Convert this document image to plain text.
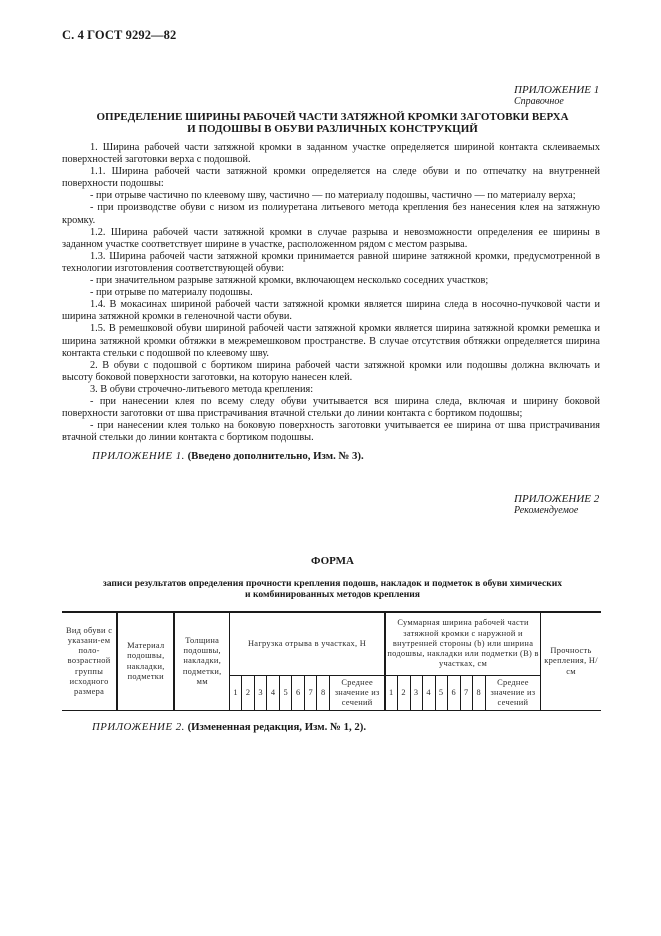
С. 4 ГОСТ 9292—82
ПРИЛОЖЕНИЕ 1
Справочное
ОПРЕДЕЛЕНИЕ ШИРИНЫ РАБОЧЕЙ ЧАСТИ ЗАТЯЖНОЙ КРОМКИ ЗАГОТОВКИ ВЕРХА
И ПОДОШВЫ В ОБУВИ РАЗЛИЧНЫХ КОНСТРУКЦИЙ

1. Ширина рабочей части затяжной кромки в заданном участке определяется шириной контакта склеиваемых поверхностей заготовки верха с подошвой.

1.1. Ширина рабочей части затяжной кромки определяется на следе обуви и по отпечатку на внутренней поверхности подошвы:

- при отрыве частично по клеевому шву, частично — по материалу подошвы, частично — по материалу верха;

- при производстве обуви с низом из полиуретана литьевого метода крепления без нанесения клея на затяжную кромку.

1.2. Ширина рабочей части затяжной кромки в случае разрыва и невозможности определения ее ширины в заданном участке соответствует ширине в участке, расположенном рядом с местом разрыва.

1.3. Ширина рабочей части затяжной кромки принимается равной ширине затяжной кромки, предусмотренной в технологии изготовления соответствующей обуви:

- при значительном разрыве затяжной кромки, включающем несколько соседних участков;

- при отрыве по материалу подошвы.

1.4. В мокасинах шириной рабочей части затяжной кромки является ширина следа в носочно-пучковой части и ширина затяжной кромки в геленочной части обуви.

1.5. В ремешковой обуви шириной рабочей части затяжной кромки является ширина затяжной кромки ремешка и ширина затяжной кромки обтяжки в межремешковом пространстве. В случае отсутствия обтяжки определяется ширина контакта стельки с подошвой по клеевому шву.

2. В обуви с подошвой с бортиком ширина рабочей части затяжной кромки или подошвы должна включать и высоту боковой поверхности заготовки, на которую нанесен клей.

3. В обуви строчечно-литьевого метода крепления:

- при нанесении клея по всему следу обуви учитывается вся ширина следа, включая и ширину боковой поверхности заготовки от шва пристрачивания втачной стельки до линии контакта с бортиком подошвы;

- при нанесении клея только на боковую поверхность заготовки учитывается ее ширина от шва пристрачивания втачной стельки до линии контакта с бортиком подошвы.

ПРИЛОЖЕНИЕ 1. (Введено дополнительно, Изм. № 3).
ПРИЛОЖЕНИЕ 2
Рекомендуемое
ФОРМА
записи результатов определения прочности крепления подошв, накладок и подметок в обуви химических
и комбинированных методов крепления
Вид обуви с указани-ем поло-возрастной группы исходного размера	Материал подошвы, накладки, подметки	Толщина подошвы, накладки, подметки, мм	Нагрузка отрыва в участках, Н									Суммарная ширина рабочей части затяжной кромки с наружной и внутренней стороны (b) или ширина подошвы, накладки или подметки (B) в участках, см									Прочность крепления, Н/см
			1	2	3	4	5	6	7	8	Среднее значение из сечений	1	2	3	4	5	6	7	8	Среднее значение из сечений	
ПРИЛОЖЕНИЕ 2. (Измененная редакция, Изм. № 1, 2).
